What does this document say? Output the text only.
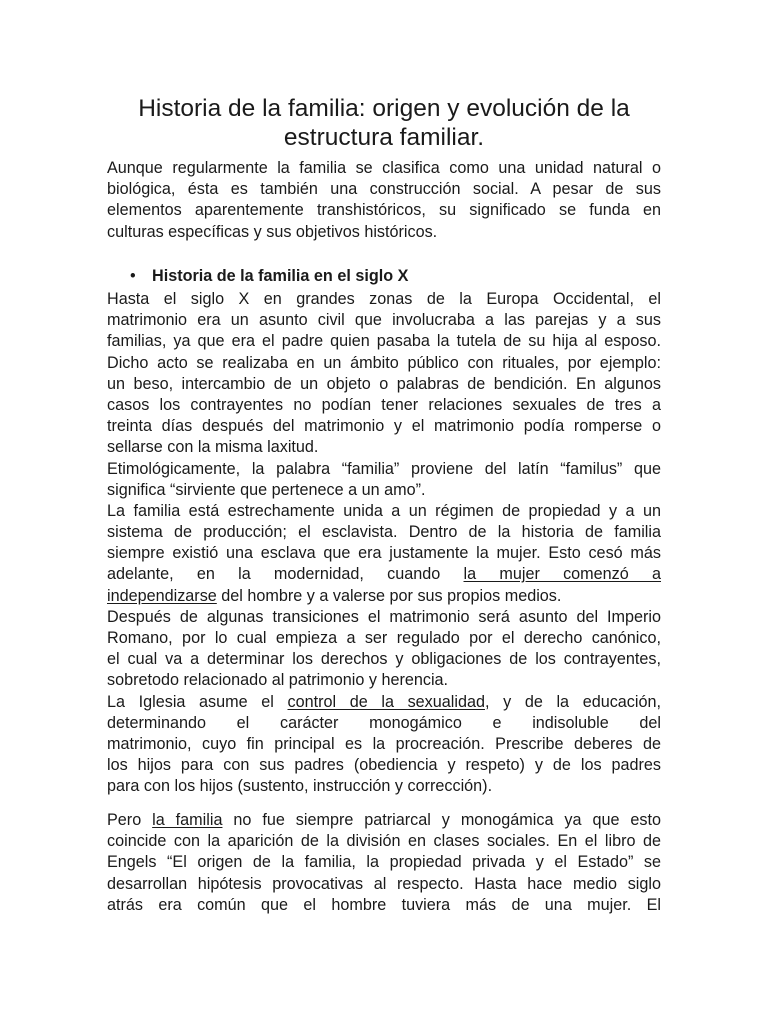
Historia de la familia: origen y evolución de la
estructura familiar.
Aunque regularmente la familia se clasifica como una unidad natural o
biológica, ésta es también una construcción social. A pesar de sus
elementos aparentemente transhistóricos, su significado se funda en
culturas específicas y sus objetivos históricos.
• Historia de la familia en el siglo X
Hasta el siglo X en grandes zonas de la Europa Occidental, el
matrimonio era un asunto civil que involucraba a las parejas y a sus
familias, ya que era el padre quien pasaba la tutela de su hija al esposo.
Dicho acto se realizaba en un ámbito público con rituales, por ejemplo:
un beso, intercambio de un objeto o palabras de bendición. En algunos
casos los contrayentes no podían tener relaciones sexuales de tres a
treinta días después del matrimonio y el matrimonio podía romperse o
sellarse con la misma laxitud.
Etimológicamente, la palabra “familia” proviene del latín “familus” que
significa “sirviente que pertenece a un amo”.
La familia está estrechamente unida a un régimen de propiedad y a un
sistema de producción; el esclavista. Dentro de la historia de familia
siempre existió una esclava que era justamente la mujer. Esto cesó más
adelante, en la modernidad, cuando la mujer comenzó a
independizarse del hombre y a valerse por sus propios medios.
Después de algunas transiciones el matrimonio será asunto del Imperio
Romano, por lo cual empieza a ser regulado por el derecho canónico,
el cual va a determinar los derechos y obligaciones de los contrayentes,
sobretodo relacionado al patrimonio y herencia.
La Iglesia asume el control de la sexualidad, y de la educación,
determinando el carácter monogámico e indisoluble del
matrimonio, cuyo fin principal es la procreación. Prescribe deberes de
los hijos para con sus padres (obediencia y respeto) y de los padres
para con los hijos (sustento, instrucción y corrección).
Pero la familia no fue siempre patriarcal y monogámica ya que esto
coincide con la aparición de la división en clases sociales. En el libro de
Engels “El origen de la familia, la propiedad privada y el Estado” se
desarrollan hipótesis provocativas al respecto. Hasta hace medio siglo
atrás era común que el hombre tuviera más de una mujer. El
